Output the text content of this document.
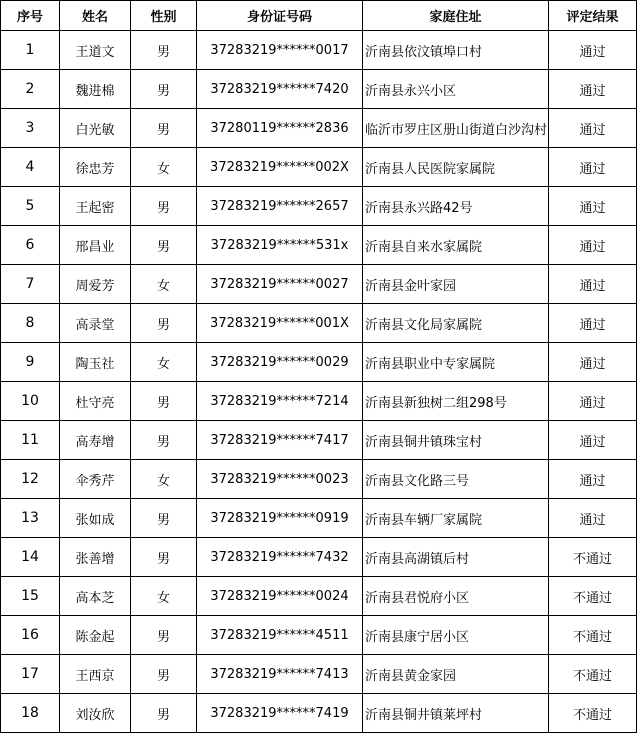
序号	姓名	性别	身份证号码	家庭住址	评定结果
1	王道文	男	37283219******0017	沂南县依汶镇埠口村	通过
2	魏进棉	男	37283219******7420	沂南县永兴小区	通过
3	白光敏	男	37280119******2836	临沂市罗庄区册山街道白沙沟村	通过
4	徐忠芳	女	37283219******002X	沂南县人民医院家属院	通过
5	王起密	男	37283219******2657	沂南县永兴路42号	通过
6	邢昌业	男	37283219******531x	沂南县自来水家属院	通过
7	周爱芳	女	37283219******0027	沂南县金叶家园	通过
8	高录堂	男	37283219******001X	沂南县文化局家属院	通过
9	陶玉社	女	37283219******0029	沂南县职业中专家属院	通过
10	杜守亮	男	37283219******7214	沂南县新独树二组298号	通过
11	高寿增	男	37283219******7417	沂南县铜井镇珠宝村	通过
12	伞秀芹	女	37283219******0023	沂南县文化路三号	通过
13	张如成	男	37283219******0919	沂南县车辆厂家属院	通过
14	张善增	男	37283219******7432	沂南县高湖镇后村	不通过
15	高本芝	女	37283219******0024	沂南县君悦府小区	不通过
16	陈金起	男	37283219******4511	沂南县康宁居小区	不通过
17	王西京	男	37283219******7413	沂南县黄金家园	不通过
18	刘汝欣	男	37283219******7419	沂南县铜井镇莱坪村	不通过
